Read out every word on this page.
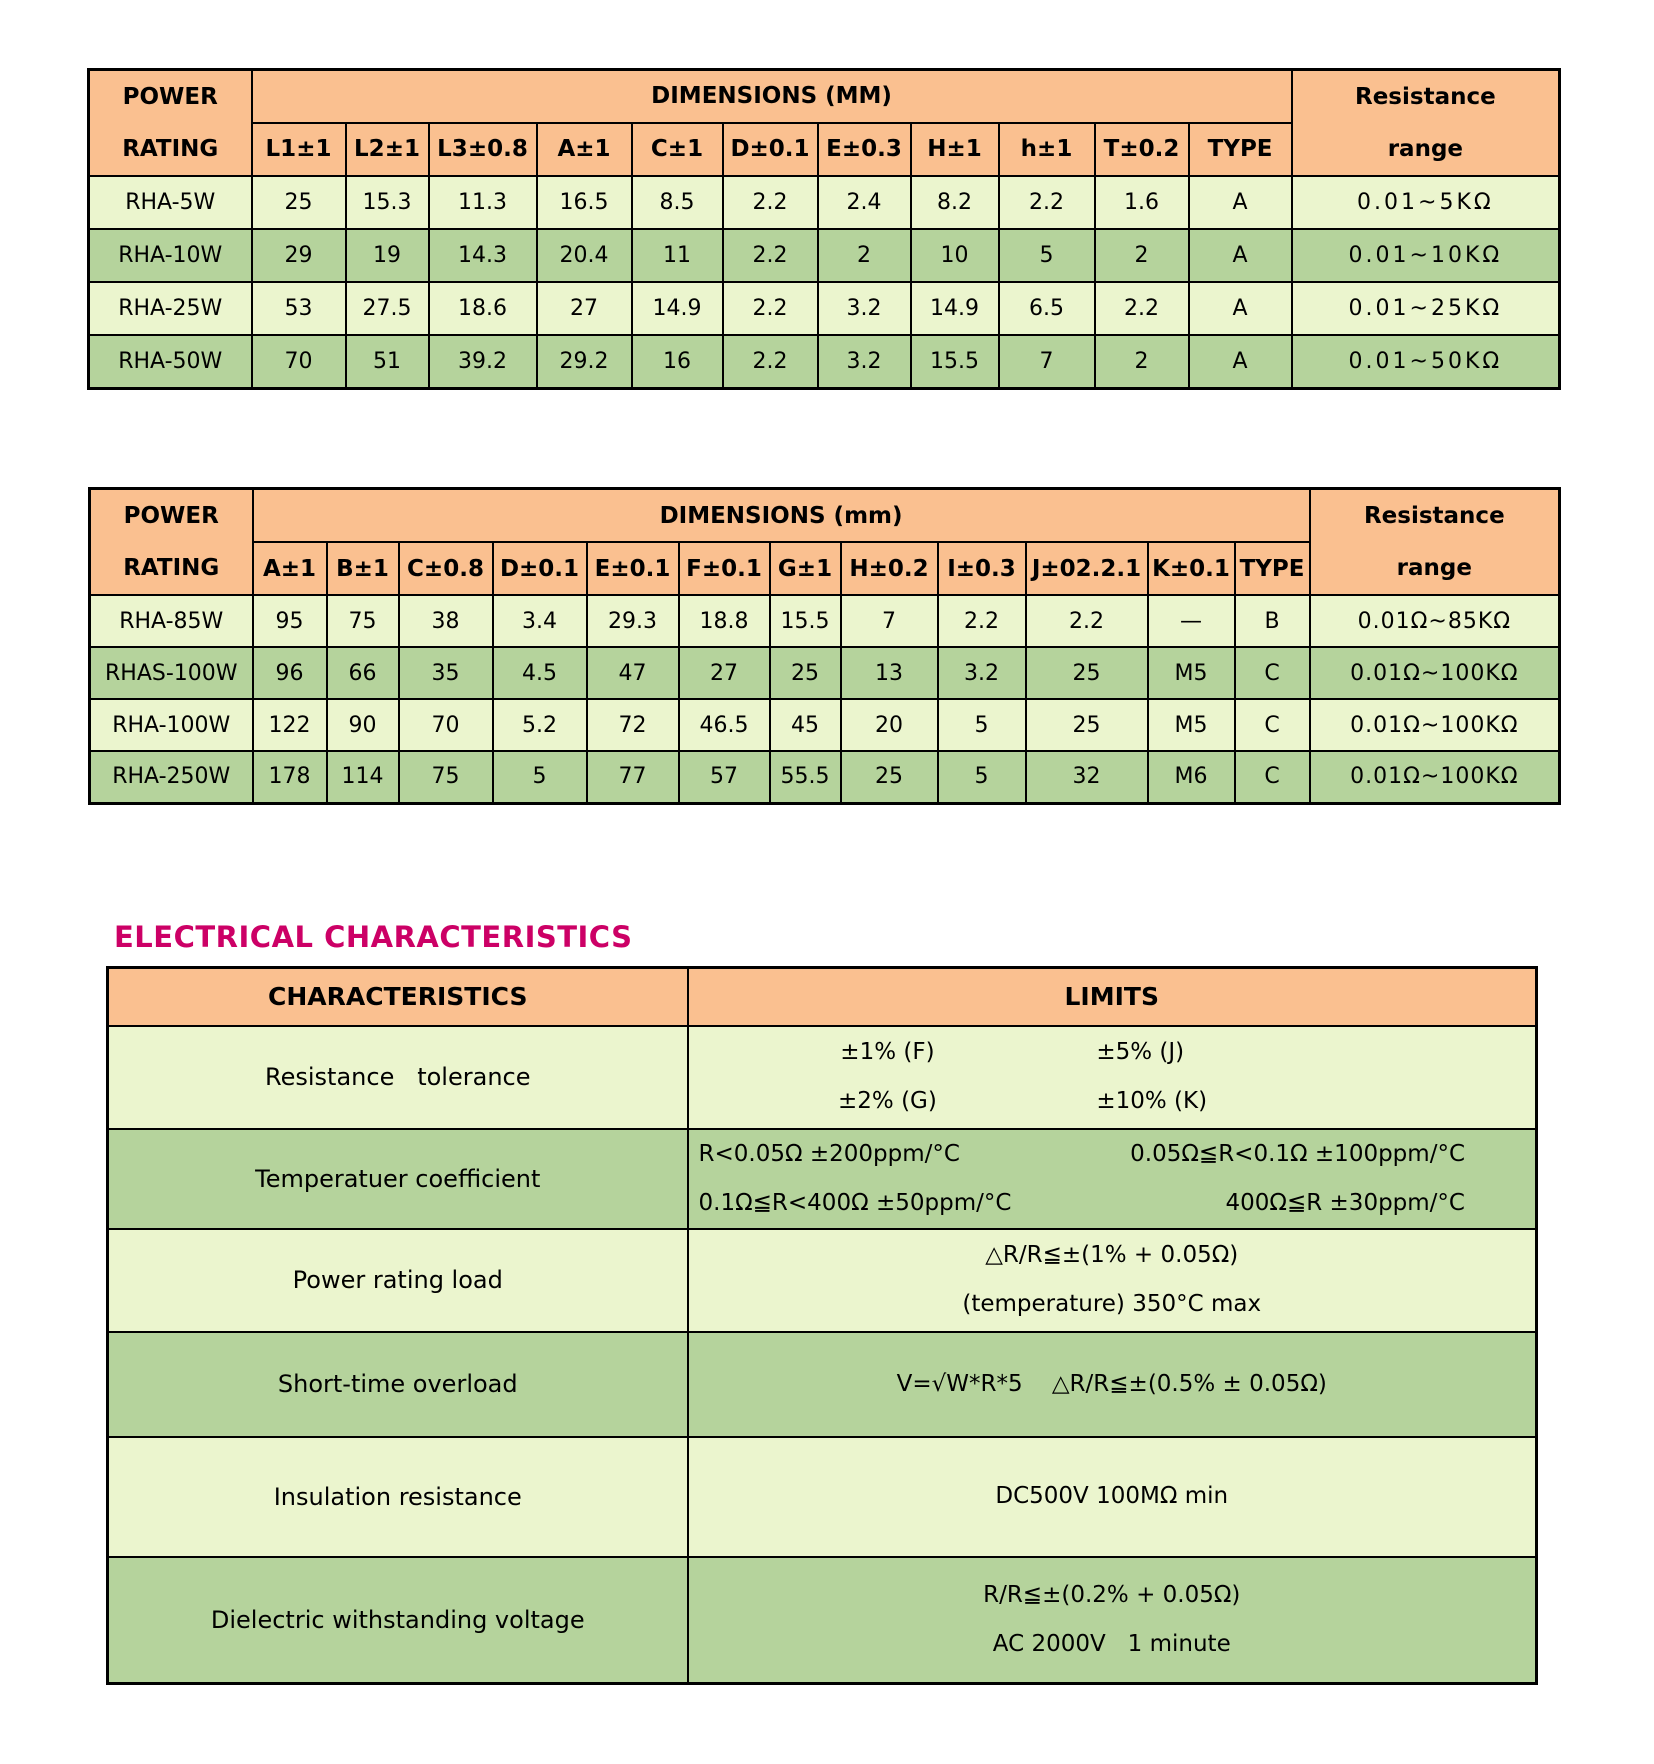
POWER
RATING
	DIMENSIONS (MM)	Resistance
range

	L1±1	L2±1	L3±0.8	A±1	C±1	D±0.1	E±0.3	H±1	h±1	T±0.2	TYPE	
RHA-5W	25	15.3	11.3	16.5	8.5	2.2	2.4	8.2	2.2	1.6	A	0.01~5KΩ
RHA-10W	29	19	14.3	20.4	11	2.2	2	10	5	2	A	0.01~10KΩ
RHA-25W	53	27.5	18.6	27	14.9	2.2	3.2	14.9	6.5	2.2	A	0.01~25KΩ
RHA-50W	70	51	39.2	29.2	16	2.2	3.2	15.5	7	2	A	0.01~50KΩ
POWER
RATING
	DIMENSIONS (mm)	Resistance
range

	A±1	B±1	C±0.8	D±0.1	E±0.1	F±0.1	G±1	H±0.2	I±0.3	J±02.2.1	K±0.1	TYPE	
RHA-85W	95	75	38	3.4	29.3	18.8	15.5	7	2.2	2.2	—	B	0.01Ω~85KΩ
RHAS-100W	96	66	35	4.5	47	27	25	13	3.2	25	M5	C	0.01Ω~100KΩ
RHA-100W	122	90	70	5.2	72	46.5	45	20	5	25	M5	C	0.01Ω~100KΩ
RHA-250W	178	114	75	5	77	57	55.5	25	5	32	M6	C	0.01Ω~100KΩ
ELECTRICAL CHARACTERISTICS
CHARACTERISTICS	LIMITS
Resistance   tolerance	±1% (F) ±5% (J)
±2% (G) ±10% (K)

Temperatuer coefficient	R<0.05Ω ±200ppm/°C 0.05Ω≦R<0.1Ω ±100ppm/°C
0.1Ω≦R<400Ω ±50ppm/°C 400Ω≦R ±30ppm/°C

Power rating load	△R/R≦±(1% + 0.05Ω)
(temperature) 350°C max

Short-time overload	V=√W*R*5    △R/R≦±(0.5% ± 0.05Ω)

Insulation resistance	DC500V 100MΩ min

Dielectric withstanding voltage	R/R≦±(0.2% + 0.05Ω)
AC 2000V   1 minute
